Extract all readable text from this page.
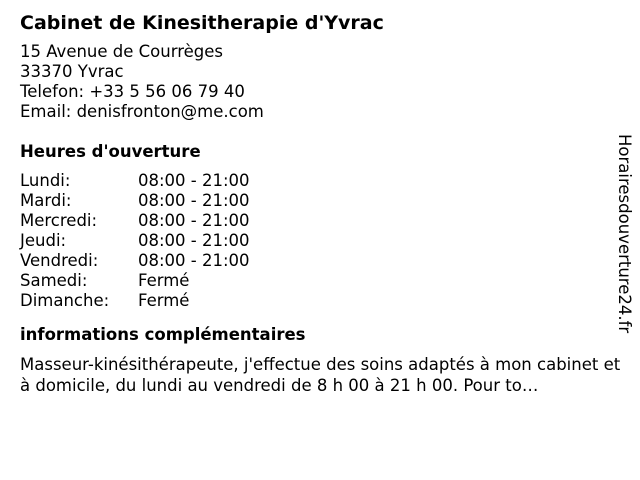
Cabinet de Kinesitherapie d'Yvrac
15 Avenue de Courrèges
33370 Yvrac
Telefon: +33 5 56 06 79 40
Email: denisfronton@me.com
Heures d'ouverture
Lundi:	08:00 - 21:00
Mardi:	08:00 - 21:00
Mercredi:	08:00 - 21:00
Jeudi:	08:00 - 21:00
Vendredi:	08:00 - 21:00
Samedi:	Fermé
Dimanche:	Fermé
informations complémentaires
Masseur-kinésithérapeute, j'effectue des soins adaptés à mon cabinet et à domicile, du lundi au vendredi de 8 h 00 à 21 h 00. Pour to…
Horairesdouverture24.fr
